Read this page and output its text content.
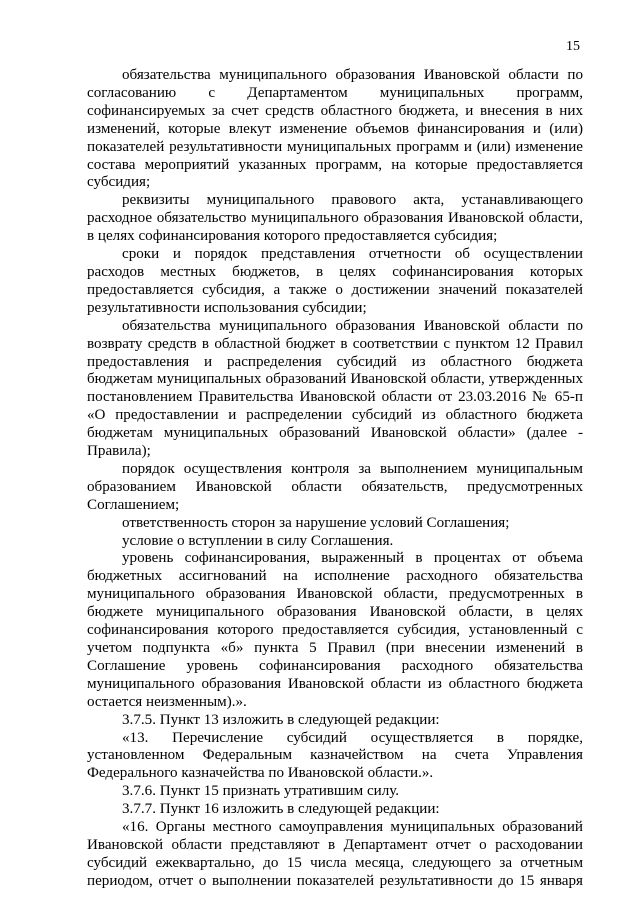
15

обязательства муниципального образования Ивановской области по согласованию с Департаментом муниципальных программ, софинансируемых за счет средств областного бюджета, и внесения в них изменений, которые влекут изменение объемов финансирования и (или) показателей результативности муниципальных программ и (или) изменение состава мероприятий указанных программ, на которые предоставляется субсидия;

реквизиты муниципального правового акта, устанавливающего расходное обязательство муниципального образования Ивановской области, в целях софинансирования которого предоставляется субсидия;

сроки и порядок представления отчетности об осуществлении расходов местных бюджетов, в целях софинансирования которых предоставляется субсидия, а также о достижении значений показателей результативности использования субсидии;

обязательства муниципального образования Ивановской области по возврату средств в областной бюджет в соответствии с пунктом 12 Правил предоставления и распределения субсидий из областного бюджета бюджетам муниципальных образований Ивановской области, утвержденных постановлением Правительства Ивановской области от 23.03.2016 № 65-п «О предоставлении и распределении субсидий из областного бюджета бюджетам муниципальных образований Ивановской области» (далее - Правила);

порядок осуществления контроля за выполнением муниципальным образованием Ивановской области обязательств, предусмотренных Соглашением;

ответственность сторон за нарушение условий Соглашения;

условие о вступлении в силу Соглашения.

уровень софинансирования, выраженный в процентах от объема бюджетных ассигнований на исполнение расходного обязательства муниципального образования Ивановской области, предусмотренных в бюджете муниципального образования Ивановской области, в целях софинансирования которого предоставляется субсидия, установленный с учетом подпункта «б» пункта 5 Правил (при внесении изменений в Соглашение уровень софинансирования расходного обязательства муниципального образования Ивановской области из областного бюджета остается неизменным).».

3.7.5. Пункт 13 изложить в следующей редакции:

«13. Перечисление субсидий осуществляется в порядке, установленном Федеральным казначейством на счета Управления Федерального казначейства по Ивановской области.».

3.7.6. Пункт 15 признать утратившим силу.

3.7.7. Пункт 16 изложить в следующей редакции:

«16. Органы местного самоуправления муниципальных образований Ивановской области представляют в Департамент отчет о расходовании субсидий ежеквартально, до 15 числа месяца, следующего за отчетным периодом, отчет о выполнении показателей результативности до 15 января
